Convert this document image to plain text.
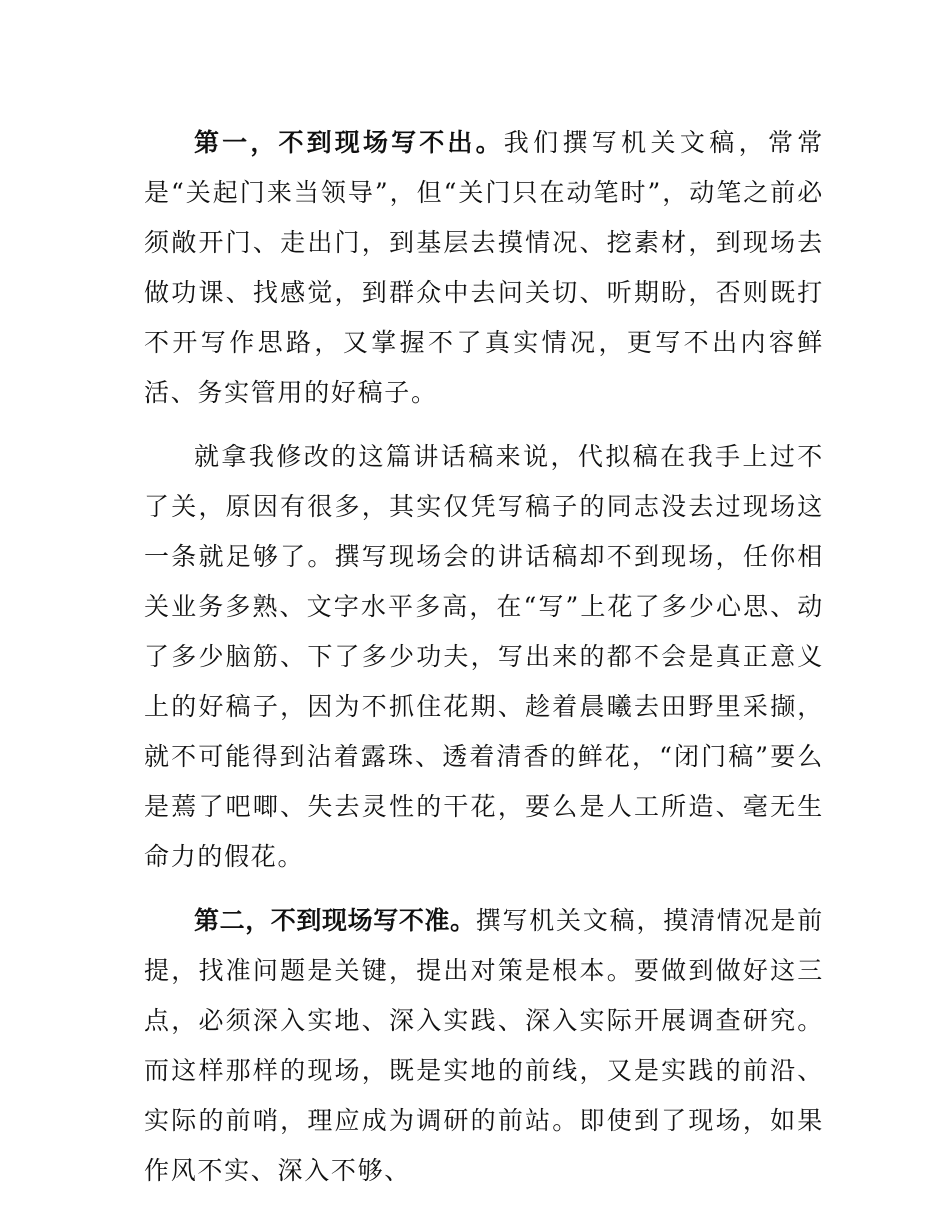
第一，不到现场写不出。我们撰写机关文稿，常常是“关起门来当领导”，但“关门只在动笔时”，动笔之前必须敞开门、走出门，到基层去摸情况、挖素材，到现场去做功课、找感觉，到群众中去问关切、听期盼，否则既打不开写作思路，又掌握不了真实情况，更写不出内容鲜活、务实管用的好稿子。

就拿我修改的这篇讲话稿来说，代拟稿在我手上过不了关，原因有很多，其实仅凭写稿子的同志没去过现场这一条就足够了。撰写现场会的讲话稿却不到现场，任你相关业务多熟、文字水平多高，在“写”上花了多少心思、动了多少脑筋、下了多少功夫，写出来的都不会是真正意义上的好稿子，因为不抓住花期、趁着晨曦去田野里采撷，就不可能得到沾着露珠、透着清香的鲜花，“闭门稿”要么是蔫了吧唧、失去灵性的干花，要么是人工所造、毫无生命力的假花。

第二，不到现场写不准。撰写机关文稿，摸清情况是前提，找准问题是关键，提出对策是根本。要做到做好这三点，必须深入实地、深入实践、深入实际开展调查研究。而这样那样的现场，既是实地的前线，又是实践的前沿、实际的前哨，理应成为调研的前站。即使到了现场，如果作风不实、深入不够、
